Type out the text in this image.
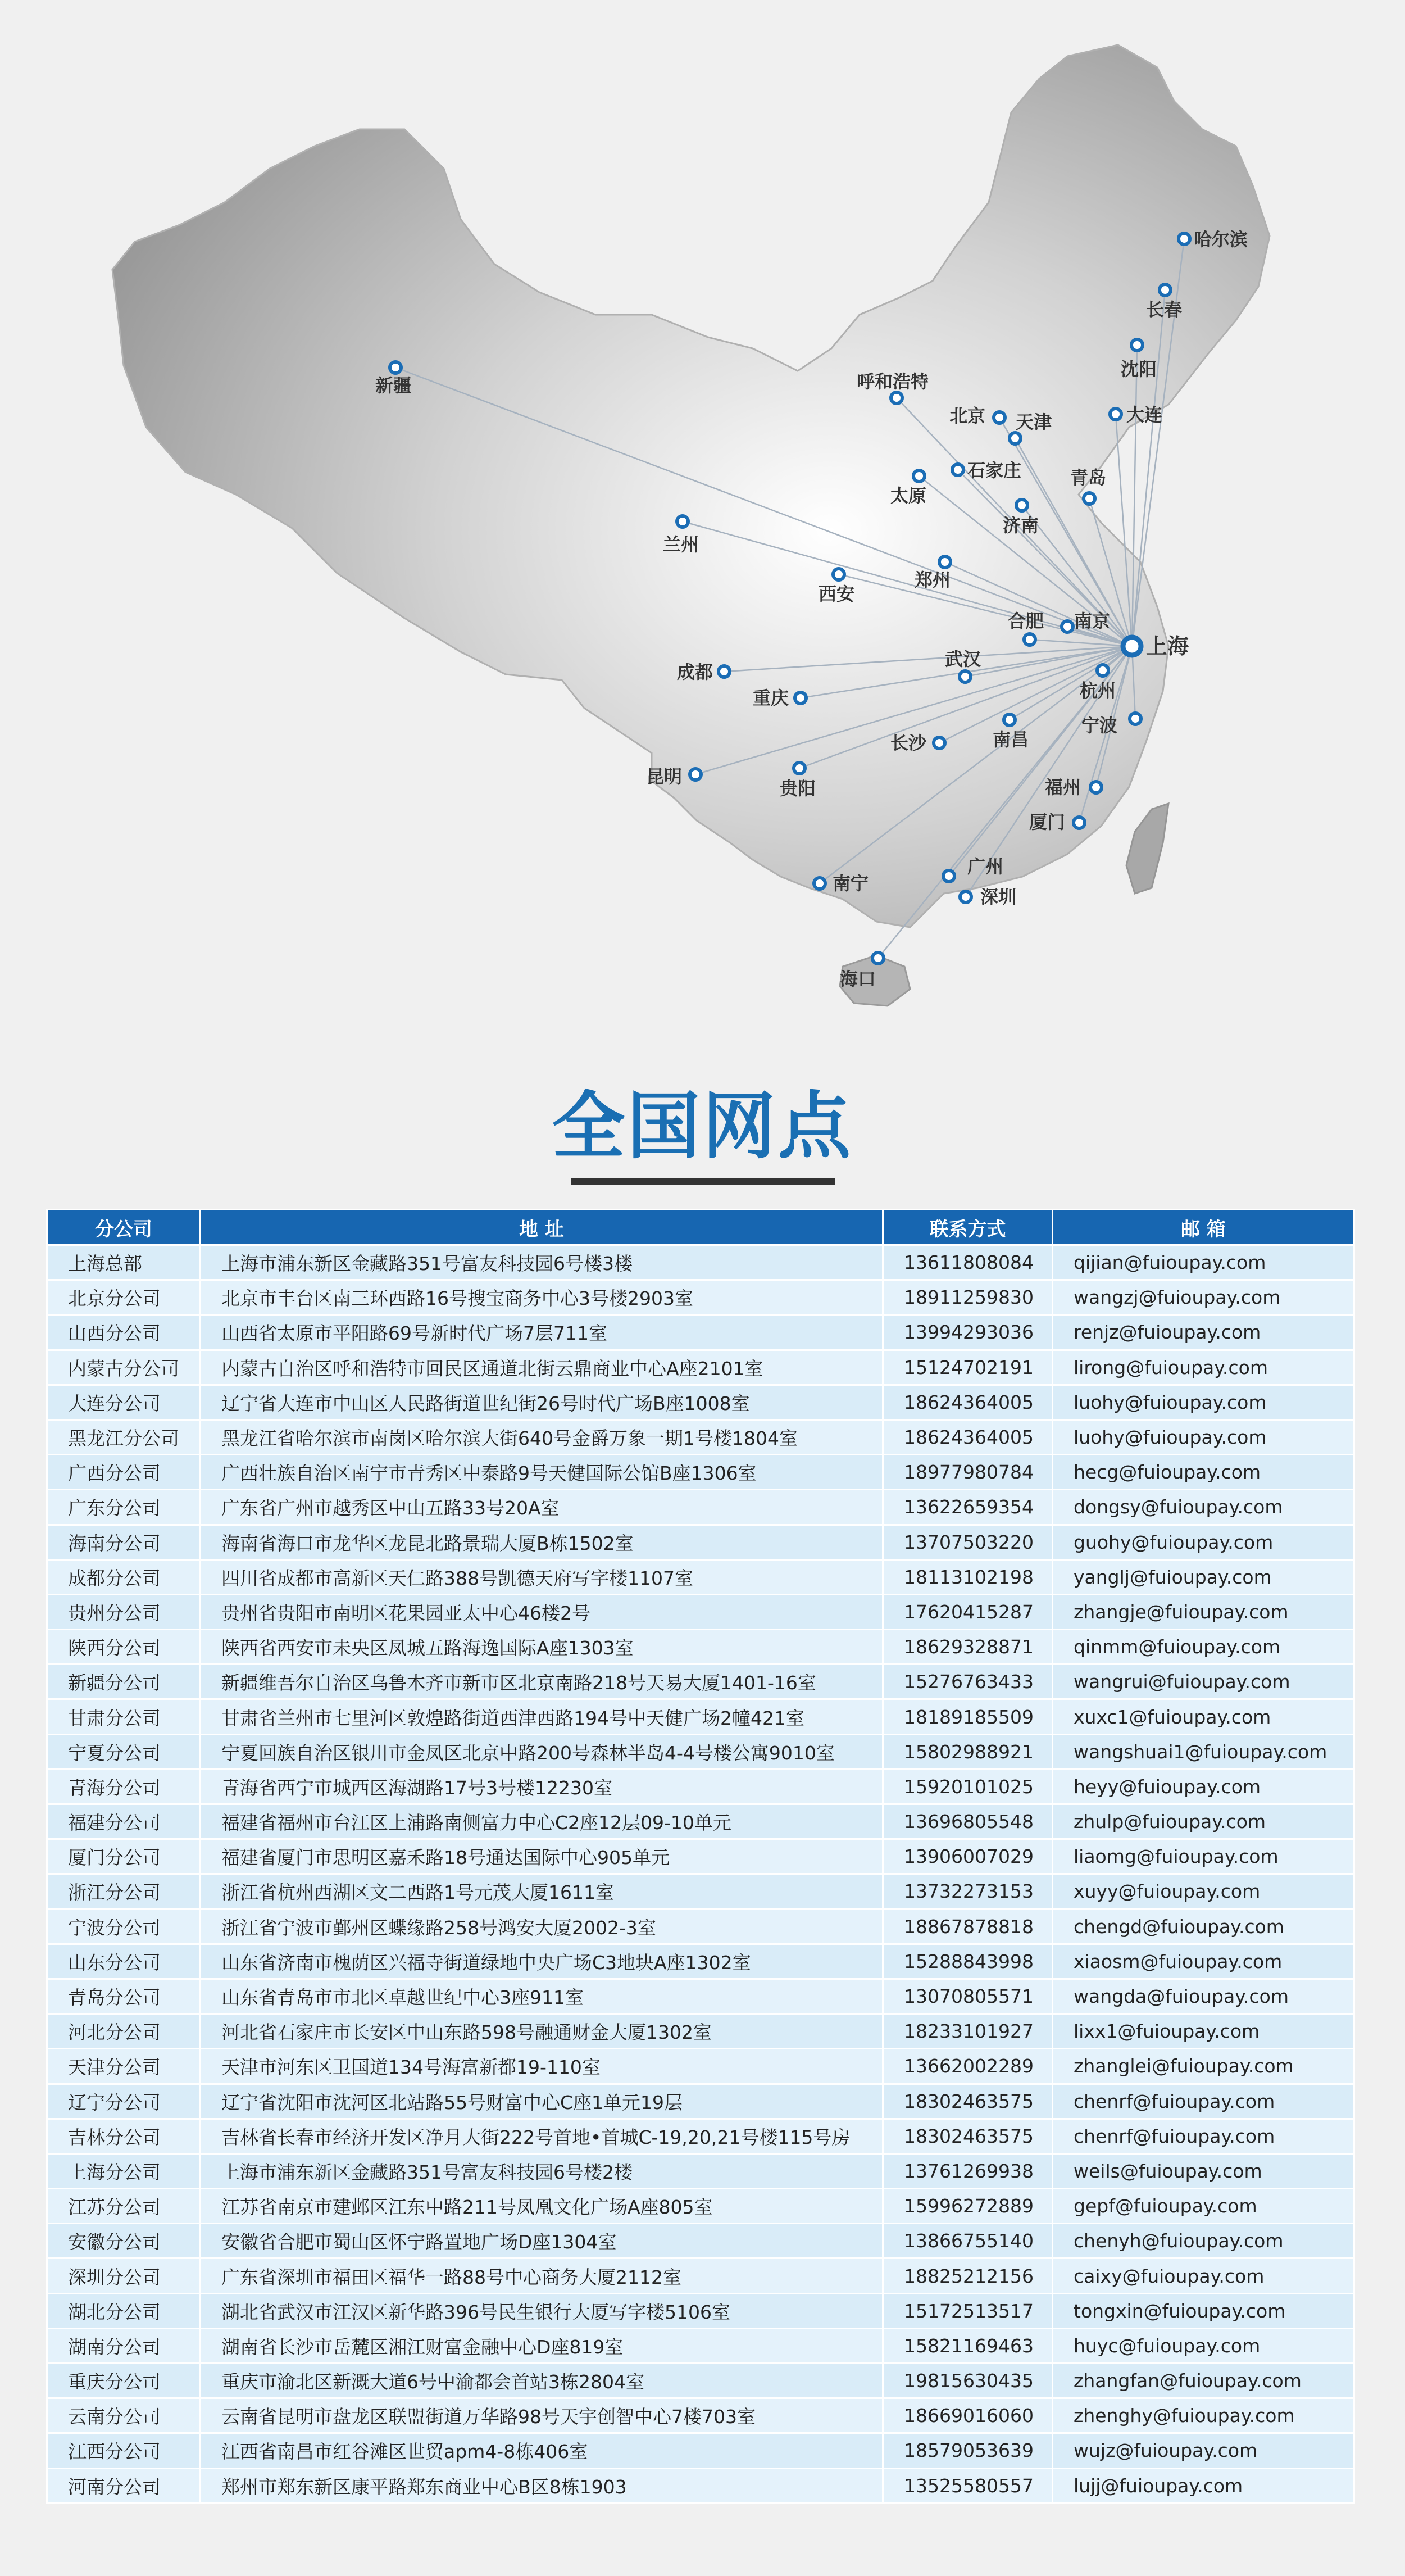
哈尔滨
长春
沈阳
大连
新疆	呼和浩特
北京 天津
石家庄
太原
青岛
济南
兰州
郑州
西安
合肥 南京
上海
武汉
成都
重庆	杭州
宁波
长沙	南昌
昆明
贵阳	福州
厦门
南宁
广州
深圳
海口
全国网点
分公司	地 址	联系方式	邮 箱
上海总部	上海市浦东新区金藏路351号富友科技园6号楼3楼	13611808084	qijian@fuioupay.com
北京分公司	北京市丰台区南三环西路16号搜宝商务中心3号楼2903室	18911259830	wangzj@fuioupay.com
山西分公司	山西省太原市平阳路69号新时代广场7层711室	13994293036	renjz@fuioupay.com
内蒙古分公司	内蒙古自治区呼和浩特市回民区通道北街云鼎商业中心A座2101室	15124702191	lirong@fuioupay.com
大连分公司	辽宁省大连市中山区人民路街道世纪街26号时代广场B座1008室	18624364005	luohy@fuioupay.com
黑龙江分公司	黑龙江省哈尔滨市南岗区哈尔滨大街640号金爵万象一期1号楼1804室	18624364005	luohy@fuioupay.com
广西分公司	广西壮族自治区南宁市青秀区中泰路9号天健国际公馆B座1306室	18977980784	hecg@fuioupay.com
广东分公司	广东省广州市越秀区中山五路33号20A室	13622659354	dongsy@fuioupay.com
海南分公司	海南省海口市龙华区龙昆北路景瑞大厦B栋1502室	13707503220	guohy@fuioupay.com
成都分公司	四川省成都市高新区天仁路388号凯德天府写字楼1107室	18113102198	yanglj@fuioupay.com
贵州分公司	贵州省贵阳市南明区花果园亚太中心46楼2号	17620415287	zhangje@fuioupay.com
陕西分公司	陕西省西安市未央区凤城五路海逸国际A座1303室	18629328871	qinmm@fuioupay.com
新疆分公司	新疆维吾尔自治区乌鲁木齐市新市区北京南路218号天易大厦1401-16室	15276763433	wangrui@fuioupay.com
甘肃分公司	甘肃省兰州市七里河区敦煌路街道西津西路194号中天健广场2幢421室	18189185509	xuxc1@fuioupay.com
宁夏分公司	宁夏回族自治区银川市金凤区北京中路200号森林半岛4-4号楼公寓9010室	15802988921	wangshuai1@fuioupay.com
青海分公司	青海省西宁市城西区海湖路17号3号楼12230室	15920101025	heyy@fuioupay.com
福建分公司	福建省福州市台江区上浦路南侧富力中心C2座12层09-10单元	13696805548	zhulp@fuioupay.com
厦门分公司	福建省厦门市思明区嘉禾路18号通达国际中心905单元	13906007029	liaomg@fuioupay.com
浙江分公司	浙江省杭州西湖区文二西路1号元茂大厦1611室	13732273153	xuyy@fuioupay.com
宁波分公司	浙江省宁波市鄞州区蝶缘路258号鸿安大厦2002-3室	18867878818	chengd@fuioupay.com
山东分公司	山东省济南市槐荫区兴福寺街道绿地中央广场C3地块A座1302室	15288843998	xiaosm@fuioupay.com
青岛分公司	山东省青岛市市北区卓越世纪中心3座911室	13070805571	wangda@fuioupay.com
河北分公司	河北省石家庄市长安区中山东路598号融通财金大厦1302室	18233101927	lixx1@fuioupay.com
天津分公司	天津市河东区卫国道134号海富新都19-110室	13662002289	zhanglei@fuioupay.com
辽宁分公司	辽宁省沈阳市沈河区北站路55号财富中心C座1单元19层	18302463575	chenrf@fuioupay.com
吉林分公司	吉林省长春市经济开发区净月大街222号首地•首城C-19,20,21号楼115号房	18302463575	chenrf@fuioupay.com
上海分公司	上海市浦东新区金藏路351号富友科技园6号楼2楼	13761269938	weils@fuioupay.com
江苏分公司	江苏省南京市建邺区江东中路211号凤凰文化广场A座805室	15996272889	gepf@fuioupay.com
安徽分公司	安徽省合肥市蜀山区怀宁路置地广场D座1304室	13866755140	chenyh@fuioupay.com
深圳分公司	广东省深圳市福田区福华一路88号中心商务大厦2112室	18825212156	caixy@fuioupay.com
湖北分公司	湖北省武汉市江汉区新华路396号民生银行大厦写字楼5106室	15172513517	tongxin@fuioupay.com
湖南分公司	湖南省长沙市岳麓区湘江财富金融中心D座819室	15821169463	huyc@fuioupay.com
重庆分公司	重庆市渝北区新溉大道6号中渝都会首站3栋2804室	19815630435	zhangfan@fuioupay.com
云南分公司	云南省昆明市盘龙区联盟街道万华路98号天宇创智中心7楼703室	18669016060	zhenghy@fuioupay.com
江西分公司	江西省南昌市红谷滩区世贸apm4-8栋406室	18579053639	wujz@fuioupay.com
河南分公司	郑州市郑东新区康平路郑东商业中心B区8栋1903	13525580557	lujj@fuioupay.com
